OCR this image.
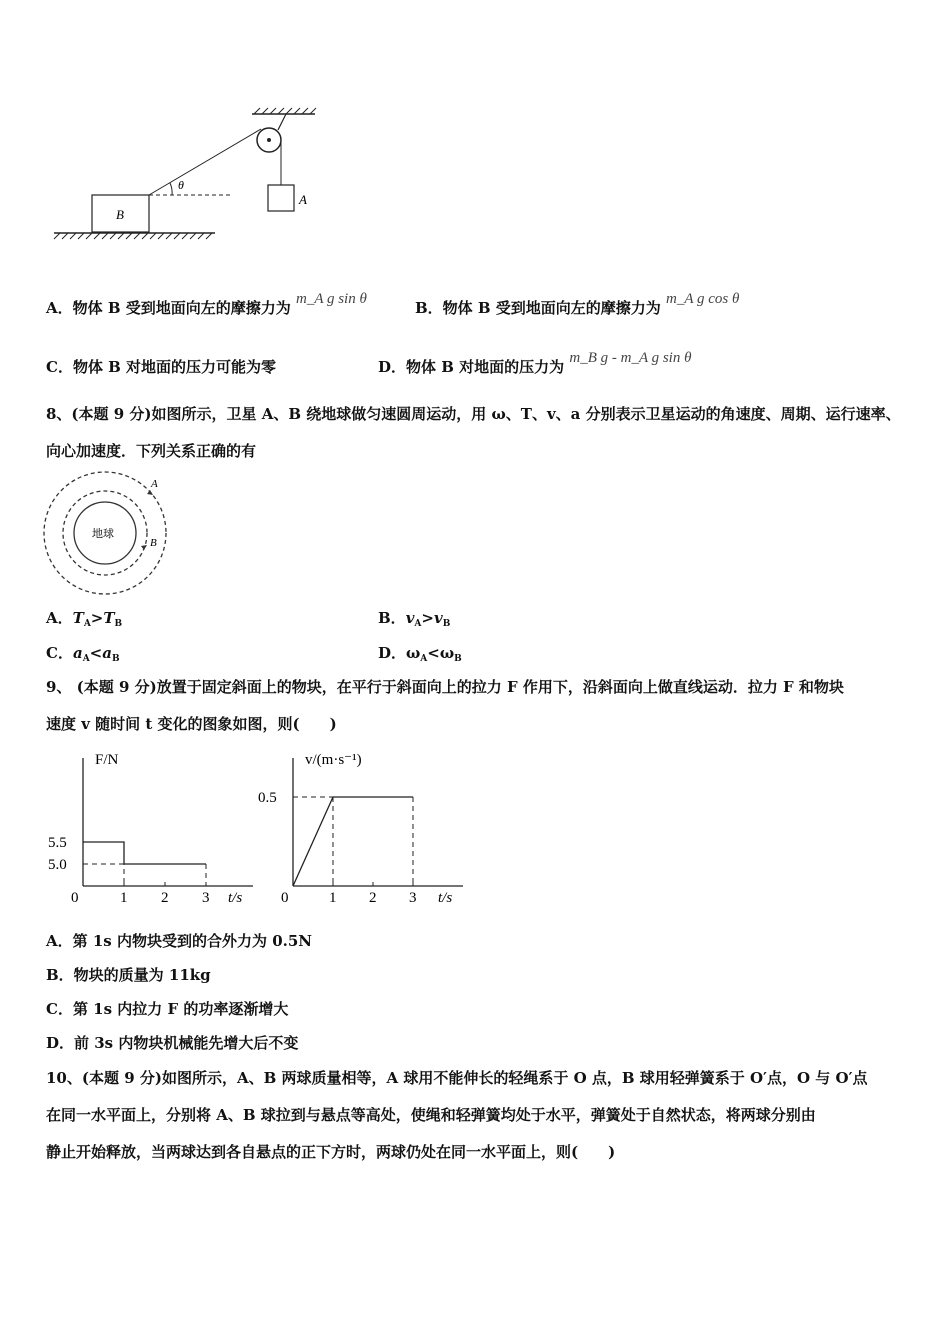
A
θ
B
A．物体 B 受到地面向左的摩擦力为 m_A g sin θ	B．物体 B 受到地面向左的摩擦力为 m_A g cos θ
C．物体 B 对地面的压力可能为零	D．物体 B 对地面的压力为 m_B g - m_A g sin θ
8、(本题 9 分)如图所示，卫星 A、B 绕地球做匀速圆周运动，用 ω、T、v、a 分别表示卫星运动的角速度、周期、运行速率、
向心加速度．下列关系正确的有
地球
A
B
A．$T_A>T_B$	B．$v_A>v_B$
C．$a_A<a_B$	D．$\omega_A<\omega_B$
9、 (本题 9 分)放置于固定斜面上的物块，在平行于斜面向上的拉力 F 作用下，沿斜面向上做直线运动．拉力 F 和物块
速度 v 随时间 t 变化的图象如图，则(　　)
F/N
t/s
0	1 2 3
5.5
5.0
v/(m·s⁻¹)
t/s
0	1 2 3
0.5
A．第 1s 内物块受到的合外力为 0.5N
B．物块的质量为 11kg
C．第 1s 内拉力 F 的功率逐渐增大
D．前 3s 内物块机械能先增大后不变
10、(本题 9 分)如图所示，A、B 两球质量相等，A 球用不能伸长的轻绳系于 O 点，B 球用轻弹簧系于 O′点，O 与 O′点
在同一水平面上，分别将 A、B 球拉到与悬点等高处，使绳和轻弹簧均处于水平，弹簧处于自然状态，将两球分别由
静止开始释放，当两球达到各自悬点的正下方时，两球仍处在同一水平面上，则(　　)
